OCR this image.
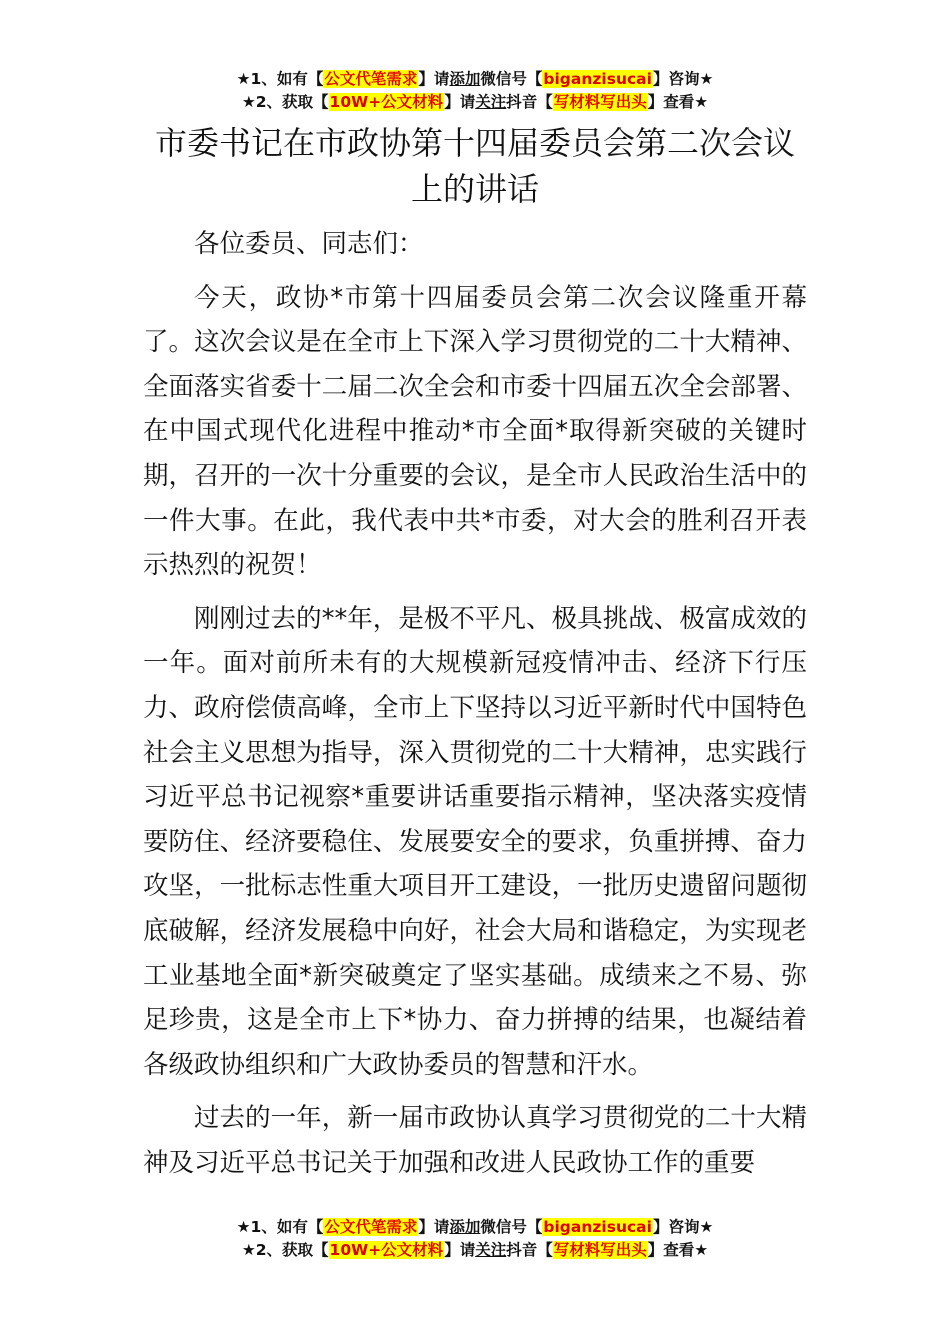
★1、如有【公文代笔需求】请添加微信号【biganzisucai】咨询★
★2、获取【10W+公文材料】请关注抖音【写材料写出头】查看★
市委书记在市政协第十四届委员会第二次会议上的讲话

各位委员、同志们：

今天，政协*市第十四届委员会第二次会议隆重开幕了。这次会议是在全市上下深入学习贯彻党的二十大精神、全面落实省委十二届二次全会和市委十四届五次全会部署、在中国式现代化进程中推动*市全面*取得新突破的关键时期，召开的一次十分重要的会议，是全市人民政治生活中的一件大事。在此，我代表中共*市委，对大会的胜利召开表示热烈的祝贺！

刚刚过去的**年，是极不平凡、极具挑战、极富成效的一年。面对前所未有的大规模新冠疫情冲击、经济下行压力、政府偿债高峰，全市上下坚持以习近平新时代中国特色社会主义思想为指导，深入贯彻党的二十大精神，忠实践行习近平总书记视察*重要讲话重要指示精神，坚决落实疫情要防住、经济要稳住、发展要安全的要求，负重拼搏、奋力攻坚，一批标志性重大项目开工建设，一批历史遗留问题彻底破解，经济发展稳中向好，社会大局和谐稳定，为实现老工业基地全面*新突破奠定了坚实基础。成绩来之不易、弥足珍贵，这是全市上下*协力、奋力拼搏的结果，也凝结着各级政协组织和广大政协委员的智慧和汗水。

过去的一年，新一届市政协认真学习贯彻党的二十大精神及习近平总书记关于加强和改进人民政协工作的重要

★1、如有【公文代笔需求】请添加微信号【biganzisucai】咨询★
★2、获取【10W+公文材料】请关注抖音【写材料写出头】查看★
